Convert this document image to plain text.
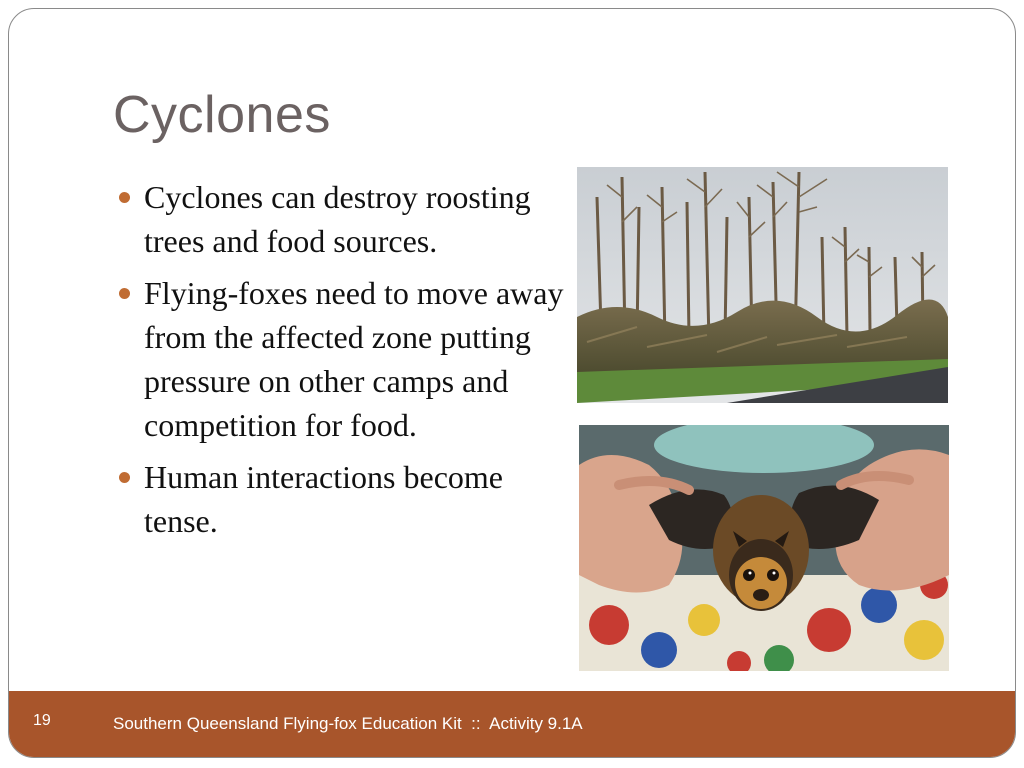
Cyclones
Cyclones can destroy roosting trees and food sources.
Flying-foxes need to move away from the affected zone putting pressure on other camps and competition for food.
Human interactions become tense.
19	Southern Queensland Flying-fox Education Kit  ::  Activity 9.1A
